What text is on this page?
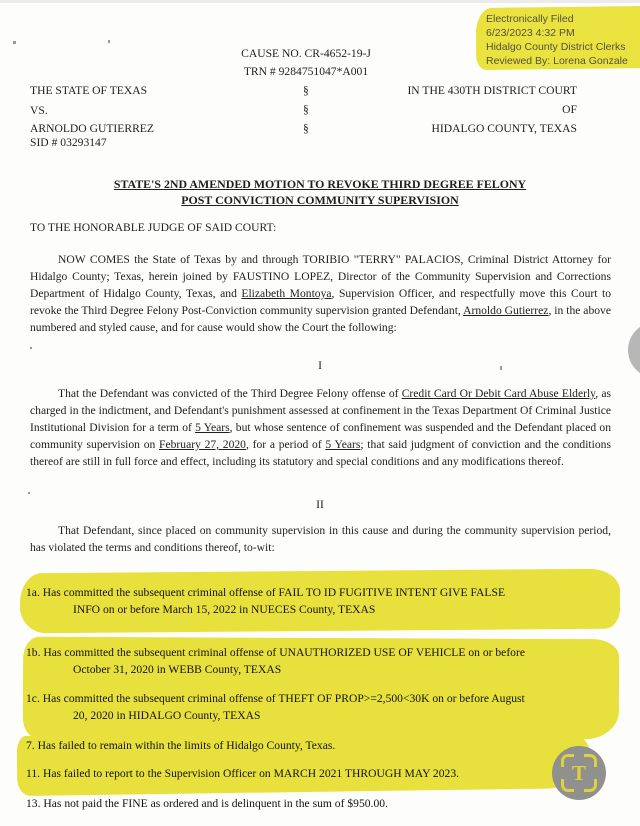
Electronically Filed
6/23/2023 4:32 PM
Hidalgo County District Clerks
Reviewed By: Lorena Gonzale
CAUSE NO. CR-4652-19-J
TRN # 9284751047*A001
THE STATE OF TEXAS
VS.
ARNOLDO GUTIERREZ
SID # 03293147
§
§
§
IN THE 430TH DISTRICT COURT
OF
HIDALGO COUNTY, TEXAS
STATE'S 2ND AMENDED MOTION TO REVOKE THIRD DEGREE FELONY
POST CONVICTION COMMUNITY SUPERVISION
TO THE HONORABLE JUDGE OF SAID COURT:
NOW COMES the State of Texas by and through TORIBIO "TERRY" PALACIOS, Criminal District Attorney for Hidalgo County; Texas, herein joined by FAUSTINO LOPEZ, Director of the Community Supervision and Corrections Department of Hidalgo County, Texas, and Elizabeth Montoya, Supervision Officer, and respectfully move this Court to revoke the Third Degree Felony Post-Conviction community supervision granted Defendant, Arnoldo Gutierrez, in the above numbered and styled cause, and for cause would show the Court the following:
I
That the Defendant was convicted of the Third Degree Felony offense of Credit Card Or Debit Card Abuse Elderly, as charged in the indictment, and Defendant's punishment assessed at confinement in the Texas Department Of Criminal Justice Institutional Division for a term of 5 Years, but whose sentence of confinement was suspended and the Defendant placed on community supervision on February 27, 2020, for a period of 5 Years; that said judgment of conviction and the conditions thereof are still in full force and effect, including its statutory and special conditions and any modifications thereof.
II
That Defendant, since placed on community supervision in this cause and during the community supervision period, has violated the terms and conditions thereof, to-wit:
1a. Has committed the subsequent criminal offense of FAIL TO ID FUGITIVE INTENT GIVE FALSE
INFO on or before March 15, 2022 in NUECES County, TEXAS
1b. Has committed the subsequent criminal offense of UNAUTHORIZED USE OF VEHICLE on or before
October 31, 2020 in WEBB County, TEXAS
1c. Has committed the subsequent criminal offense of THEFT OF PROP>=2,500<30K on or before August
20, 2020 in HIDALGO County, TEXAS
7. Has failed to remain within the limits of Hidalgo County, Texas.
11. Has failed to report to the Supervision Officer on MARCH 2021 THROUGH MAY 2023.
13. Has not paid the FINE as ordered and is delinquent in the sum of $950.00.
T
